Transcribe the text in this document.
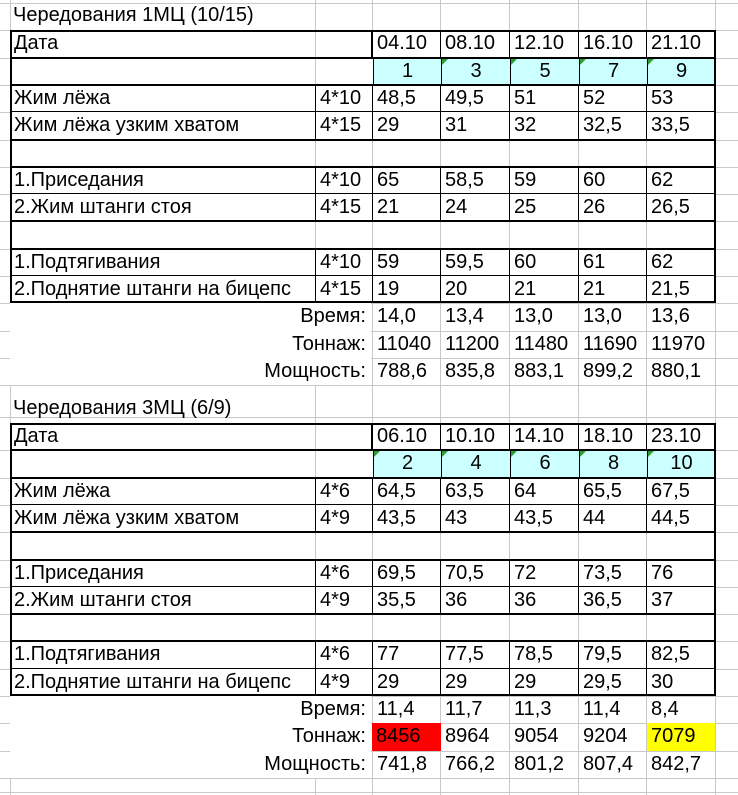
Чередования 1МЦ (10/15)
Дата	04.10 08.10 12.10 16.10 21.10
1	3	5	7	9
Жим лёжа	4*10 48,5	49,5	51	52	53
Жим лёжа узким хватом	4*15 29	31	32	32,5	33,5
1.Приседания	4*10 65	58,5	59	60	62
2.Жим штанги стоя	4*15 21	24	25	26	26,5
1.Подтягивания	4*10 59	59,5	60	61	62
2.Поднятие штанги на бицепс	4*15 19	20	21	21	21,5
Время: 14,0	13,4	13,0	13,0	13,6
Тоннаж: 11040 11200 11480 11690 11970
Мощность: 788,6 835,8 883,1 899,2 880,1
Чередования 3МЦ (6/9)
Дата	06.10 10.10 14.10 18.10 23.10
2	4	6	8	10
Жим лёжа	4*6	64,5	63,5	64	65,5	67,5
Жим лёжа узким хватом	4*9	43,5	43	43,5	44	44,5
1.Приседания	4*6	69,5	70,5	72	73,5	76
2.Жим штанги стоя	4*9	35,5	36	36	36,5	37
1.Подтягивания	4*6	77	77,5	78,5	79,5	82,5
2.Поднятие штанги на бицепс	4*9	29	29	29	29,5	30
Время: 11,4	11,7	11,3	11,4	8,4
Тоннаж: 8456	8964	9054	9204	7079
Мощность: 741,8 766,2 801,2 807,4 842,7
